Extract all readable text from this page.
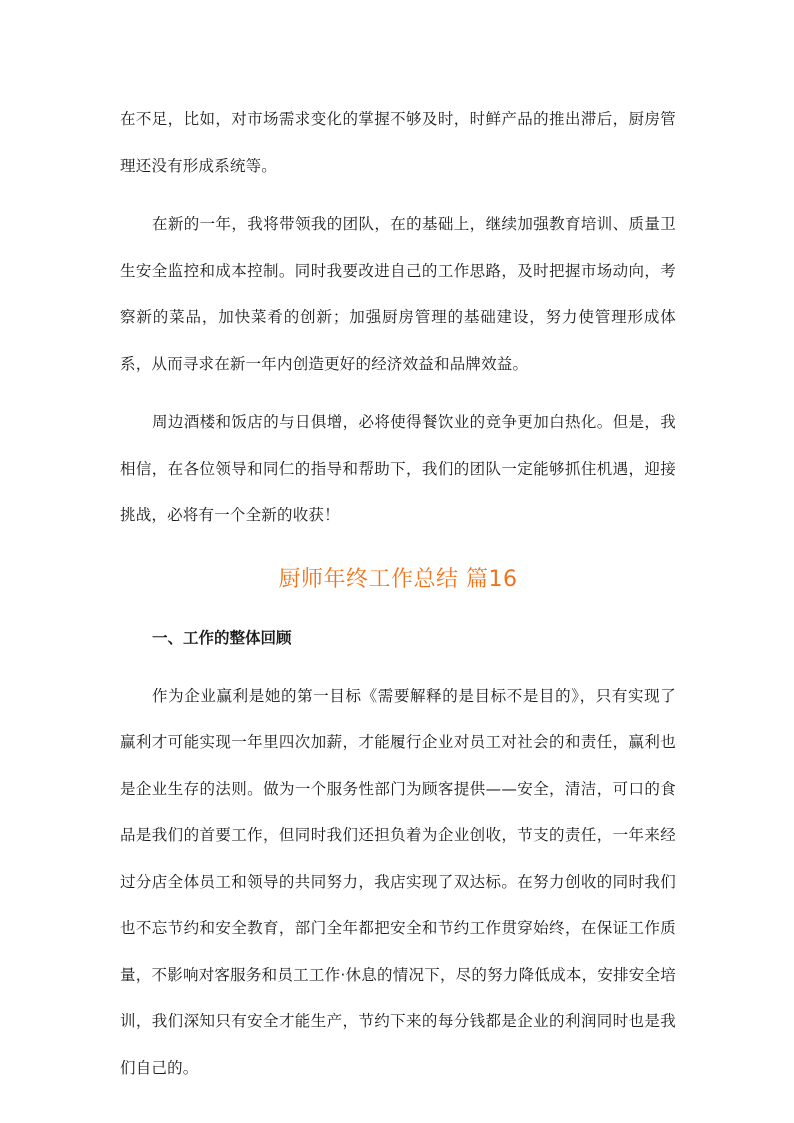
在不足，比如，对市场需求变化的掌握不够及时，时鲜产品的推出滞后，厨房管理还没有形成系统等。

在新的一年，我将带领我的团队，在的基础上，继续加强教育培训、质量卫生安全监控和成本控制。同时我要改进自己的工作思路，及时把握市场动向，考察新的菜品，加快菜肴的创新；加强厨房管理的基础建设，努力使管理形成体系，从而寻求在新一年内创造更好的经济效益和品牌效益。

周边酒楼和饭店的与日俱增，必将使得餐饮业的竞争更加白热化。但是，我相信，在各位领导和同仁的指导和帮助下，我们的团队一定能够抓住机遇，迎接挑战，必将有一个全新的收获！

厨师年终工作总结 篇16
一、工作的整体回顾

作为企业赢利是她的第一目标《需要解释的是目标不是目的》，只有实现了赢利才可能实现一年里四次加薪，才能履行企业对员工对社会的和责任，赢利也是企业生存的法则。做为一个服务性部门为顾客提供——安全，清洁，可口的食品是我们的首要工作，但同时我们还担负着为企业创收，节支的责任，一年来经过分店全体员工和领导的共同努力，我店实现了双达标。在努力创收的同时我们也不忘节约和安全教育，部门全年都把安全和节约工作贯穿始终，在保证工作质量，不影响对客服务和员工工作·休息的情况下，尽的努力降低成本，安排安全培训，我们深知只有安全才能生产，节约下来的每分钱都是企业的利润同时也是我们自己的。
